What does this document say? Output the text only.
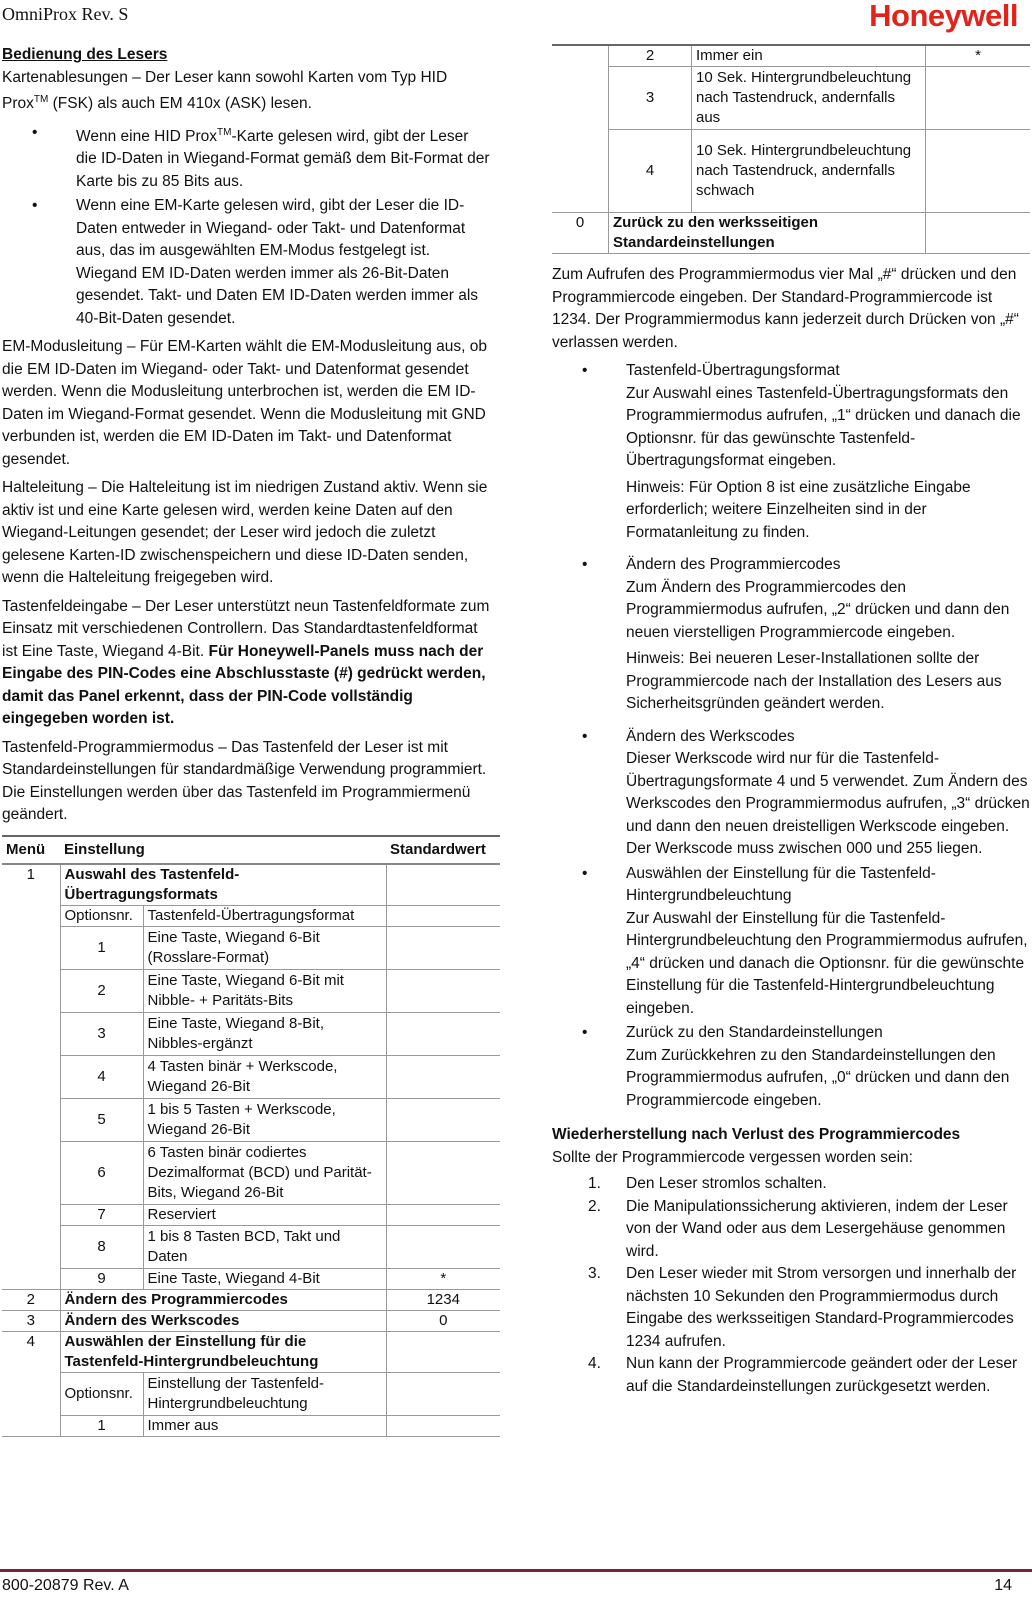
OmniProx Rev. S	Honeywell
Bedienung des Lesers

Kartenablesungen – Der Leser kann sowohl Karten vom Typ HID Prox™ (FSK) als auch EM 410x (ASK) lesen.

• Wenn eine HID Prox™-Karte gelesen wird, gibt der Leser die ID-Daten in Wiegand-Format gemäß dem Bit-Format der Karte bis zu 85 Bits aus.
• Wenn eine EM-Karte gelesen wird, gibt der Leser die ID-Daten entweder in Wiegand- oder Takt- und Datenformat aus, das im ausgewählten EM-Modus festgelegt ist. Wiegand EM ID-Daten werden immer als 26-Bit-Daten gesendet. Takt- und Daten EM ID-Daten werden immer als 40-Bit-Daten gesendet.

EM-Modusleitung – Für EM-Karten wählt die EM-Modusleitung aus, ob die EM ID-Daten im Wiegand- oder Takt- und Datenformat gesendet werden. Wenn die Modusleitung unterbrochen ist, werden die EM ID-Daten im Wiegand-Format gesendet. Wenn die Modusleitung mit GND verbunden ist, werden die EM ID-Daten im Takt- und Datenformat gesendet.

Halteleitung – Die Halteleitung ist im niedrigen Zustand aktiv. Wenn sie aktiv ist und eine Karte gelesen wird, werden keine Daten auf den Wiegand-Leitungen gesendet; der Leser wird jedoch die zuletzt gelesene Karten-ID zwischenspeichern und diese ID-Daten senden, wenn die Halteleitung freigegeben wird.

Tastenfeldeingabe – Der Leser unterstützt neun Tastenfeldformate zum Einsatz mit verschiedenen Controllern. Das Standardtastenfeldformat ist Eine Taste, Wiegand 4-Bit. Für Honeywell-Panels muss nach der Eingabe des PIN-Codes eine Abschlusstaste (#) gedrückt werden, damit das Panel erkennt, dass der PIN-Code vollständig eingegeben worden ist.

Tastenfeld-Programmiermodus – Das Tastenfeld der Leser ist mit Standardeinstellungen für standardmäßige Verwendung programmiert. Die Einstellungen werden über das Tastenfeld im Programmiermenü geändert.

Menü	Einstellung		Standardwert
1	Auswahl des Tastenfeld-Übertragungsformats		
	Optionsnr.	Tastenfeld-Übertragungsformat	
	1	Eine Taste, Wiegand 6-Bit (Rosslare-Format)	
	2	Eine Taste, Wiegand 6-Bit mit Nibble- + Paritäts-Bits	
	3	Eine Taste, Wiegand 8-Bit, Nibbles-ergänzt	
	4	4 Tasten binär + Werkscode, Wiegand 26-Bit	
	5	1 bis 5 Tasten + Werkscode, Wiegand 26-Bit	
	6	6 Tasten binär codiertes Dezimalformat (BCD) und Parität-Bits, Wiegand 26-Bit	
	7	Reserviert	
	8	1 bis 8 Tasten BCD, Takt und Daten	
	9	Eine Taste, Wiegand 4-Bit	*
2	Ändern des Programmiercodes		1234
3	Ändern des Werkscodes		0
4	Auswählen der Einstellung für die Tastenfeld-Hintergrundbeleuchtung		
	Optionsnr.	Einstellung der Tastenfeld-Hintergrundbeleuchtung	
	1	Immer aus	
	2	Immer ein	*
	3	10 Sek. Hintergrundbeleuchtung nach Tastendruck, andernfalls aus	
	4	10 Sek. Hintergrundbeleuchtung nach Tastendruck, andernfalls schwach	
0	Zurück zu den werksseitigen Standardeinstellungen		

Zum Aufrufen des Programmiermodus vier Mal „#“ drücken und den Programmiercode eingeben. Der Standard-Programmiercode ist 1234. Der Programmiermodus kann jederzeit durch Drücken von „#“ verlassen werden.

• Tastenfeld-Übertragungsformat
Zur Auswahl eines Tastenfeld-Übertragungsformats den Programmiermodus aufrufen, „1“ drücken und danach die Optionsnr. für das gewünschte Tastenfeld-Übertragungsformat eingeben.
Hinweis: Für Option 8 ist eine zusätzliche Eingabe erforderlich; weitere Einzelheiten sind in der Formatanleitung zu finden.
• Ändern des Programmiercodes
Zum Ändern des Programmiercodes den Programmiermodus aufrufen, „2“ drücken und dann den neuen vierstelligen Programmiercode eingeben.
Hinweis: Bei neueren Leser-Installationen sollte der Programmiercode nach der Installation des Lesers aus Sicherheitsgründen geändert werden.
• Ändern des Werkscodes
Dieser Werkscode wird nur für die Tastenfeld-Übertragungsformate 4 und 5 verwendet. Zum Ändern des Werkscodes den Programmiermodus aufrufen, „3“ drücken und dann den neuen dreistelligen Werkscode eingeben. Der Werkscode muss zwischen 000 und 255 liegen.
• Auswählen der Einstellung für die Tastenfeld-Hintergrundbeleuchtung
Zur Auswahl der Einstellung für die Tastenfeld-Hintergrundbeleuchtung den Programmiermodus aufrufen, „4“ drücken und danach die Optionsnr. für die gewünschte Einstellung für die Tastenfeld-Hintergrundbeleuchtung eingeben.
• Zurück zu den Standardeinstellungen
Zum Zurückkehren zu den Standardeinstellungen den Programmiermodus aufrufen, „0“ drücken und dann den Programmiercode eingeben.
Wiederherstellung nach Verlust des Programmiercodes
Sollte der Programmiercode vergessen worden sein:
1. Den Leser stromlos schalten.
2. Die Manipulationssicherung aktivieren, indem der Leser von der Wand oder aus dem Lesergehäuse genommen wird.
3. Den Leser wieder mit Strom versorgen und innerhalb der nächsten 10 Sekunden den Programmiermodus durch Eingabe des werksseitigen Standard-Programmiercodes 1234 aufrufen.
4. Nun kann der Programmiercode geändert oder der Leser auf die Standardeinstellungen zurückgesetzt werden.
800-20879 Rev. A	14
